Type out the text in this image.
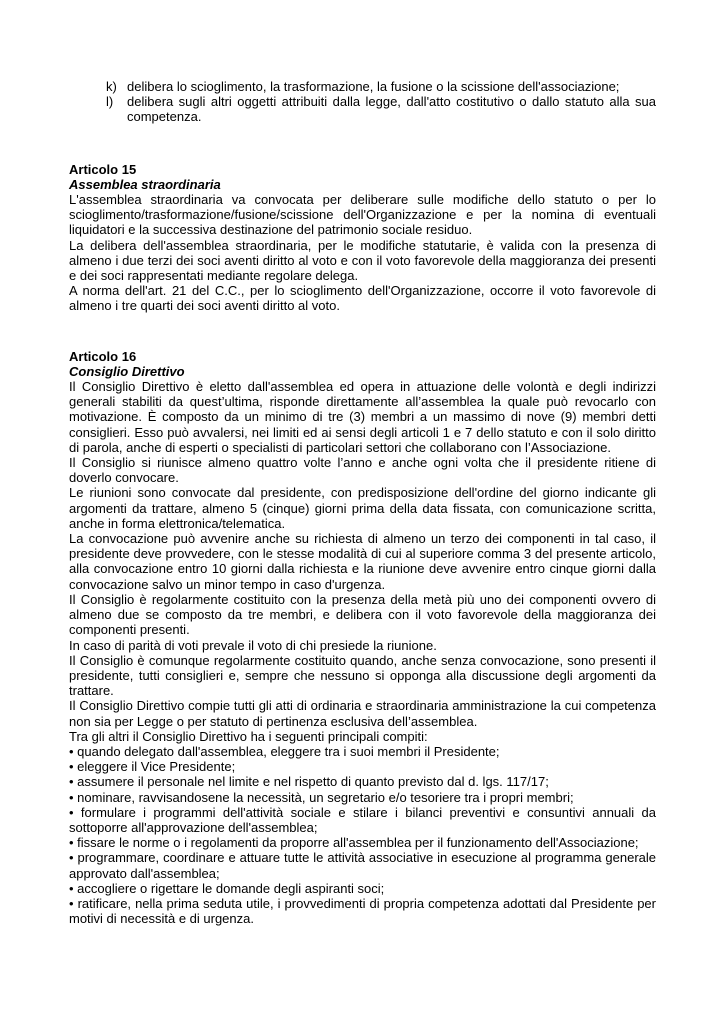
k) delibera lo scioglimento, la trasformazione, la fusione o la scissione dell'associazione;
l) delibera sugli altri oggetti attribuiti dalla legge, dall'atto costitutivo o dallo statuto alla sua competenza.
Articolo 15
Assemblea straordinaria

L'assemblea straordinaria va convocata per deliberare sulle modifiche dello statuto o per lo scioglimento/trasformazione/fusione/scissione dell'Organizzazione e per la nomina di eventuali liquidatori e la successiva destinazione del patrimonio sociale residuo.

La delibera dell'assemblea straordinaria, per le modifiche statutarie, è valida con la presenza di almeno i due terzi dei soci aventi diritto al voto e con il voto favorevole della maggioranza dei presenti e dei soci rappresentati mediante regolare delega.

A norma dell'art. 21 del C.C., per lo scioglimento dell'Organizzazione, occorre il voto favorevole di almeno i tre quarti dei soci aventi diritto al voto.

Articolo 16
Consiglio Direttivo

Il Consiglio Direttivo è eletto dall'assemblea ed opera in attuazione delle volontà e degli indirizzi generali stabiliti da quest’ultima, risponde direttamente all’assemblea la quale può revocarlo con motivazione. È composto da un minimo di tre (3) membri a un massimo di nove (9) membri detti consiglieri. Esso può avvalersi, nei limiti ed ai sensi degli articoli 1 e 7 dello statuto e con il solo diritto di parola, anche di esperti o specialisti di particolari settori che collaborano con l’Associazione.

Il Consiglio si riunisce almeno quattro volte l’anno e anche ogni volta che il presidente ritiene di doverlo convocare.

Le riunioni sono convocate dal presidente, con predisposizione dell'ordine del giorno indicante gli argomenti da trattare, almeno 5 (cinque) giorni prima della data fissata, con comunicazione scritta, anche in forma elettronica/telematica.

La convocazione può avvenire anche su richiesta di almeno un terzo dei componenti in tal caso, il presidente deve provvedere, con le stesse modalità di cui al superiore comma 3 del presente articolo, alla convocazione entro 10 giorni dalla richiesta e la riunione deve avvenire entro cinque giorni dalla convocazione salvo un minor tempo in caso d'urgenza.

Il Consiglio è regolarmente costituito con la presenza della metà più uno dei componenti ovvero di almeno due se composto da tre membri, e delibera con il voto favorevole della maggioranza dei componenti presenti.

In caso di parità di voti prevale il voto di chi presiede la riunione.

Il Consiglio è comunque regolarmente costituito quando, anche senza convocazione, sono presenti il presidente, tutti consiglieri e, sempre che nessuno si opponga alla discussione degli argomenti da trattare.

Il Consiglio Direttivo compie tutti gli atti di ordinaria e straordinaria amministrazione la cui competenza non sia per Legge o per statuto di pertinenza esclusiva dell’assemblea.

Tra gli altri il Consiglio Direttivo ha i seguenti principali compiti:

• quando delegato dall'assemblea, eleggere tra i suoi membri il Presidente;

• eleggere il Vice Presidente;

• assumere il personale nel limite e nel rispetto di quanto previsto dal d. lgs. 117/17;

• nominare, ravvisandosene la necessità, un segretario e/o tesoriere tra i propri membri;

• formulare i programmi dell'attività sociale e stilare i bilanci preventivi e consuntivi annuali da sottoporre all'approvazione dell'assemblea;

• fissare le norme o i regolamenti da proporre all'assemblea per il funzionamento dell'Associazione;

• programmare, coordinare e attuare tutte le attività associative in esecuzione al programma generale approvato dall'assemblea;

• accogliere o rigettare le domande degli aspiranti soci;

• ratificare, nella prima seduta utile, i provvedimenti di propria competenza adottati dal Presidente per motivi di necessità e di urgenza.
